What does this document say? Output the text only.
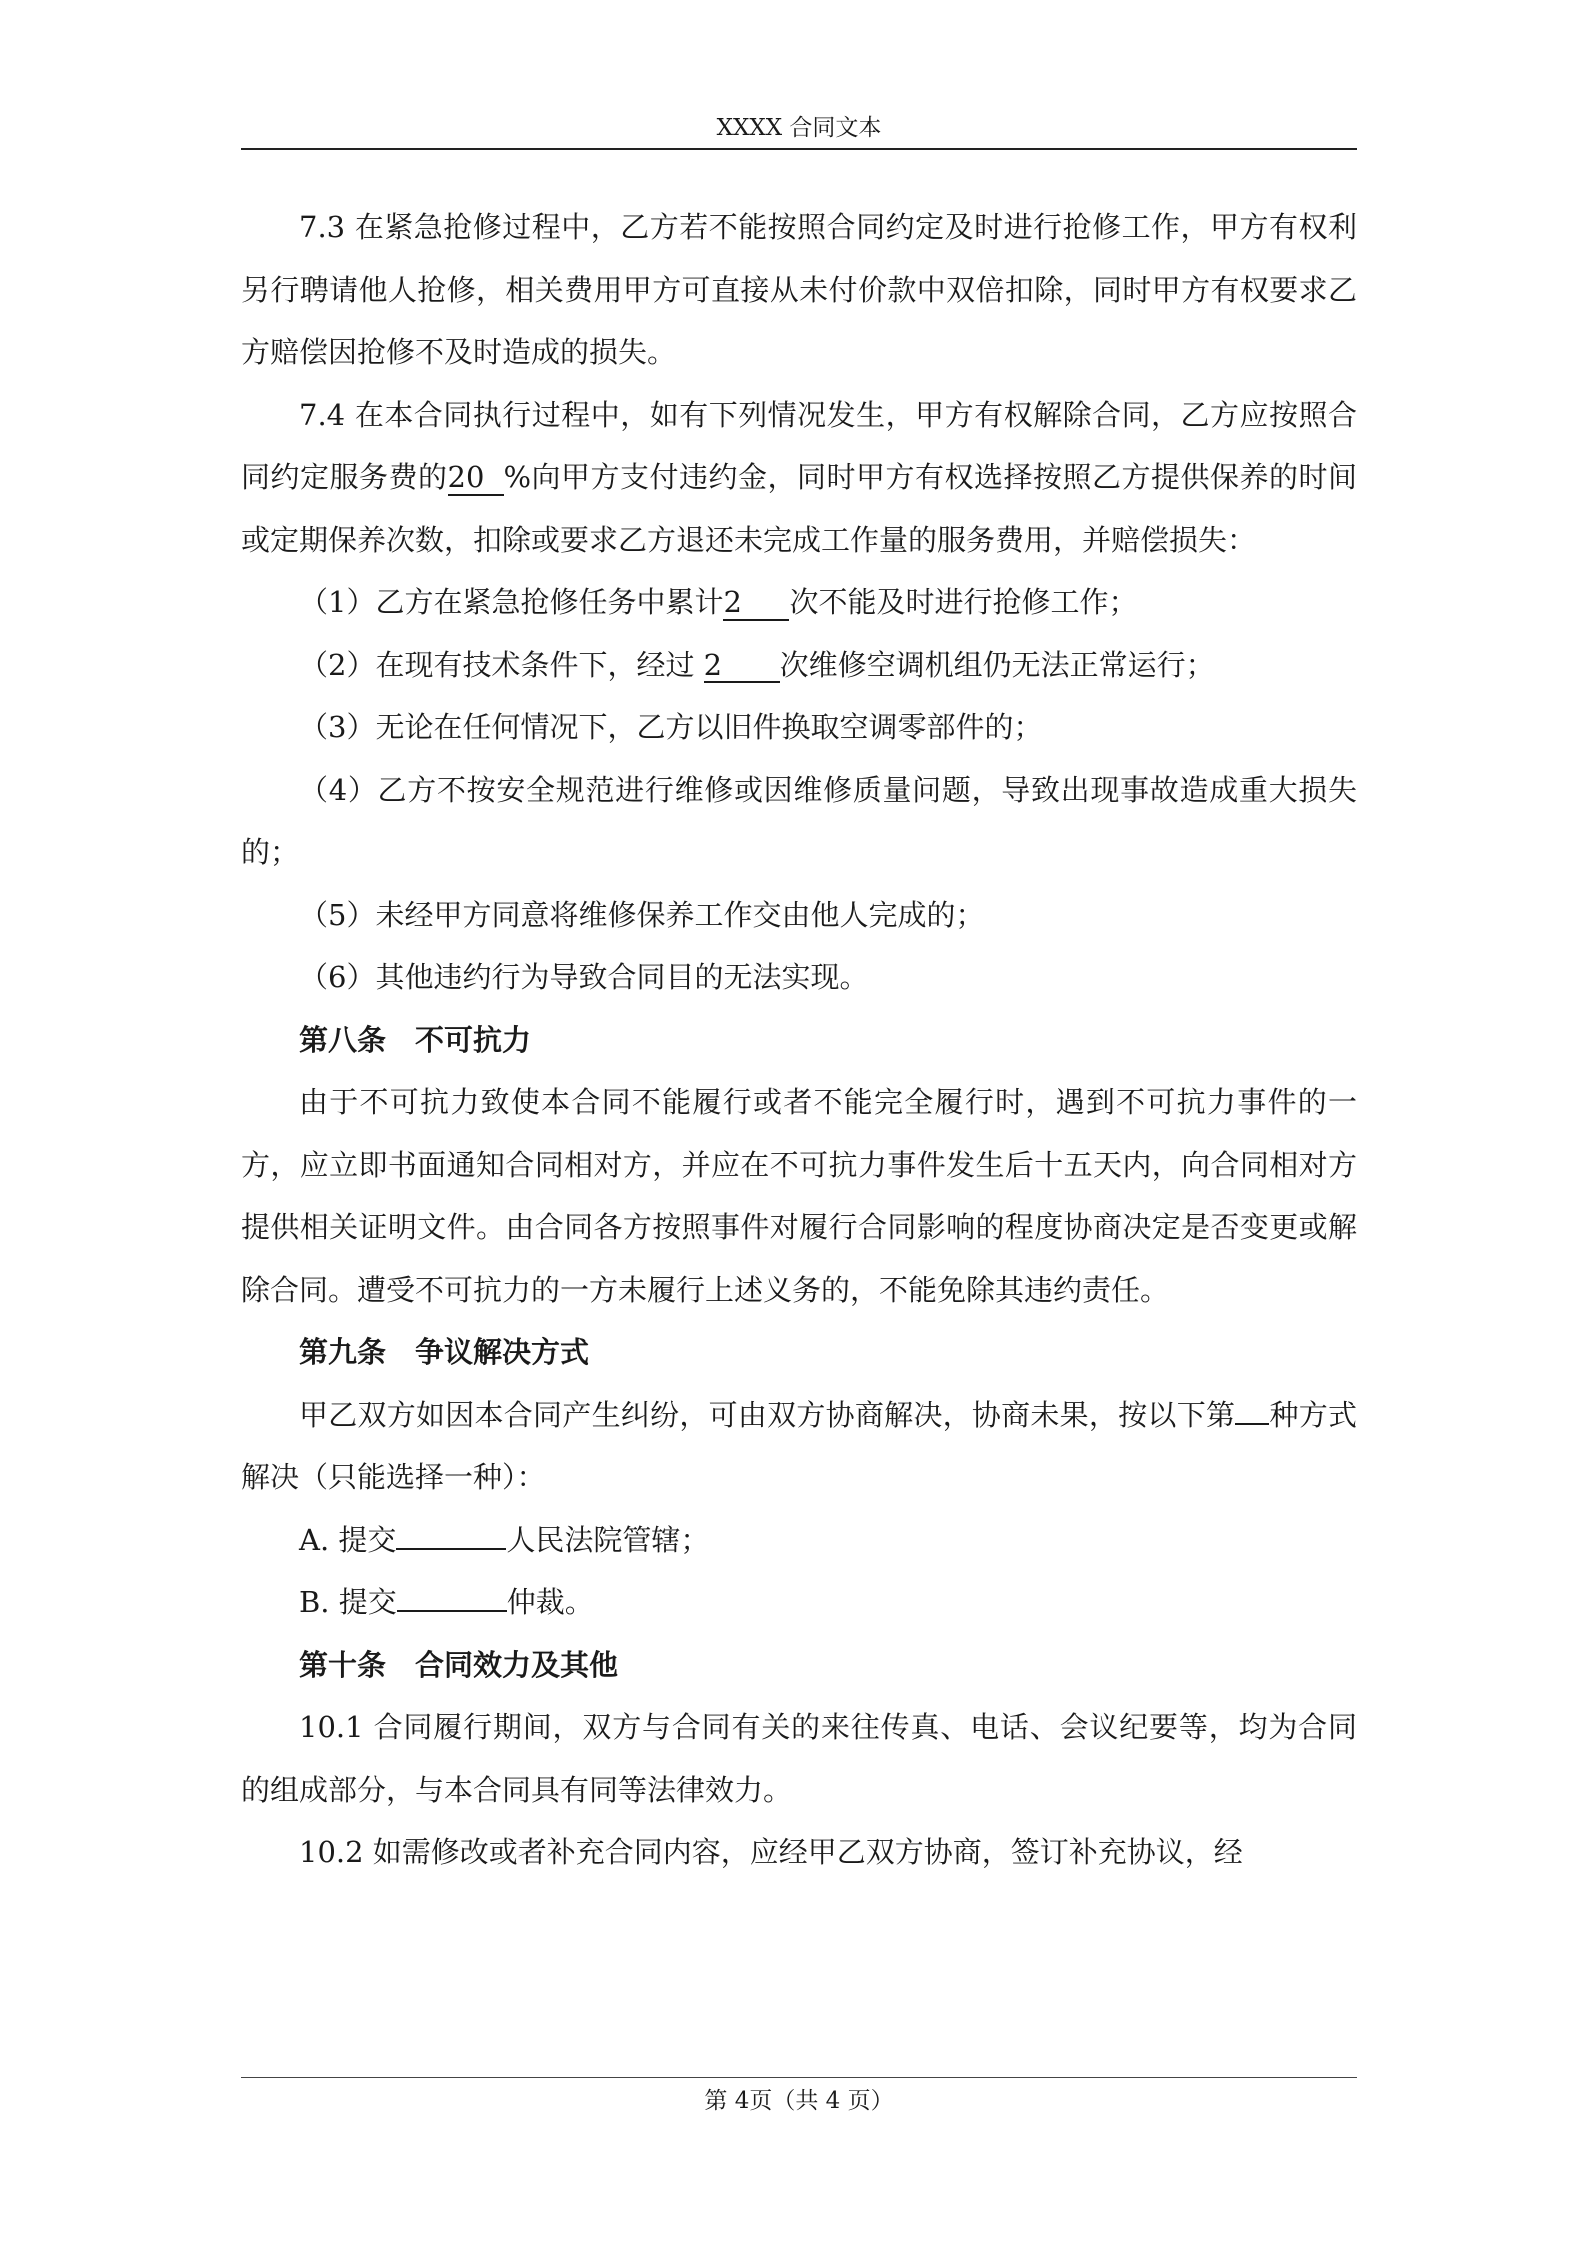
XXXX 合同文本

7.3 在紧急抢修过程中，乙方若不能按照合同约定及时进行抢修工作，甲方有权利另行聘请他人抢修，相关费用甲方可直接从未付价款中双倍扣除，同时甲方有权要求乙方赔偿因抢修不及时造成的损失。

7.4 在本合同执行过程中，如有下列情况发生，甲方有权解除合同，乙方应按照合同约定服务费的20 %向甲方支付违约金，同时甲方有权选择按照乙方提供保养的时间或定期保养次数，扣除或要求乙方退还未完成工作量的服务费用，并赔偿损失：

（1）乙方在紧急抢修任务中累计2 次不能及时进行抢修工作；

（2）在现有技术条件下，经过 2 次维修空调机组仍无法正常运行；

（3）无论在任何情况下，乙方以旧件换取空调零部件的；

（4）乙方不按安全规范进行维修或因维修质量问题，导致出现事故造成重大损失的；

（5）未经甲方同意将维修保养工作交由他人完成的；

（6）其他违约行为导致合同目的无法实现。

第八条　不可抗力

由于不可抗力致使本合同不能履行或者不能完全履行时，遇到不可抗力事件的一方，应立即书面通知合同相对方，并应在不可抗力事件发生后十五天内，向合同相对方提供相关证明文件。由合同各方按照事件对履行合同影响的程度协商决定是否变更或解除合同。遭受不可抗力的一方未履行上述义务的，不能免除其违约责任。

第九条　争议解决方式

甲乙双方如因本合同产生纠纷，可由双方协商解决，协商未果，按以下第 种方式解决（只能选择一种）：

A. 提交	人民法院管辖；

B. 提交	仲裁。

第十条　合同效力及其他

10.1 合同履行期间，双方与合同有关的来往传真、电话、会议纪要等，均为合同的组成部分，与本合同具有同等法律效力。

10.2 如需修改或者补充合同内容，应经甲乙双方协商，签订补充协议，经

第 4页（共 4 页）
